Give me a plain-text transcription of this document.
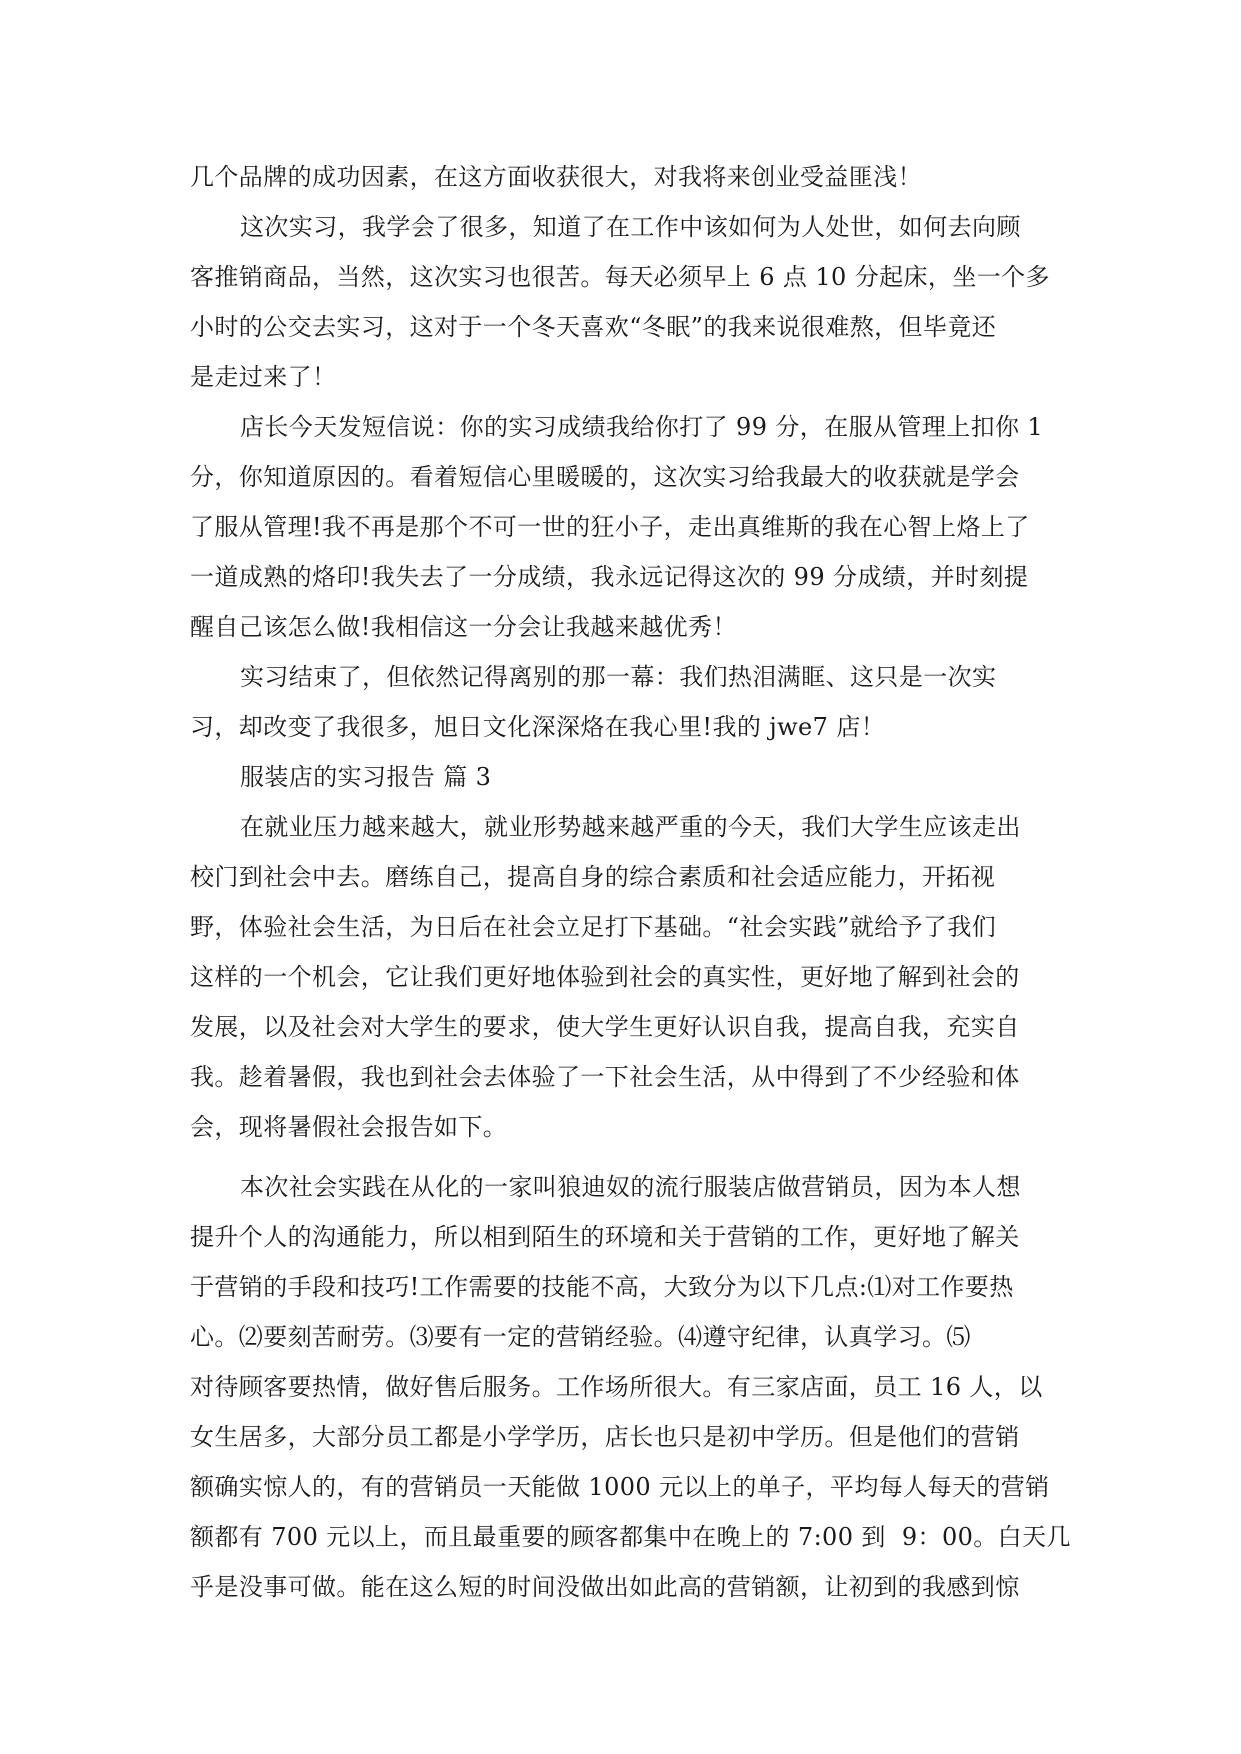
几个品牌的成功因素，在这方面收获很大，对我将来创业受益匪浅！
这次实习，我学会了很多，知道了在工作中该如何为人处世，如何去向顾
客推销商品，当然，这次实习也很苦。每天必须早上 6 点 10 分起床，坐一个多
小时的公交去实习，这对于一个冬天喜欢“冬眠”的我来说很难熬，但毕竟还
是走过来了！
店长今天发短信说：你的实习成绩我给你打了 99 分，在服从管理上扣你 1
分，你知道原因的。看着短信心里暖暖的，这次实习给我最大的收获就是学会
了服从管理!我不再是那个不可一世的狂小子，走出真维斯的我在心智上烙上了
一道成熟的烙印!我失去了一分成绩，我永远记得这次的 99 分成绩，并时刻提
醒自己该怎么做!我相信这一分会让我越来越优秀！
实习结束了，但依然记得离别的那一幕：我们热泪满眶、这只是一次实
习，却改变了我很多，旭日文化深深烙在我心里!我的 jwe7 店！
服装店的实习报告 篇 3
在就业压力越来越大，就业形势越来越严重的今天，我们大学生应该走出
校门到社会中去。磨练自己，提高自身的综合素质和社会适应能力，开拓视
野，体验社会生活，为日后在社会立足打下基础。“社会实践”就给予了我们
这样的一个机会，它让我们更好地体验到社会的真实性，更好地了解到社会的
发展，以及社会对大学生的要求，使大学生更好认识自我，提高自我，充实自
我。趁着暑假，我也到社会去体验了一下社会生活，从中得到了不少经验和体
会，现将暑假社会报告如下。
本次社会实践在从化的一家叫狼迪奴的流行服装店做营销员，因为本人想
提升个人的沟通能力，所以相到陌生的环境和关于营销的工作，更好地了解关
于营销的手段和技巧!工作需要的技能不高，大致分为以下几点:⑴对工作要热
心。⑵要刻苦耐劳。⑶要有一定的营销经验。⑷遵守纪律，认真学习。⑸
对待顾客要热情，做好售后服务。工作场所很大。有三家店面，员工 16 人，以
女生居多，大部分员工都是小学学历，店长也只是初中学历。但是他们的营销
额确实惊人的，有的营销员一天能做 1000 元以上的单子，平均每人每天的营销
额都有 700 元以上，而且最重要的顾客都集中在晚上的 7:00 到  9：00。白天几
乎是没事可做。能在这么短的时间没做出如此高的营销额，让初到的我感到惊
